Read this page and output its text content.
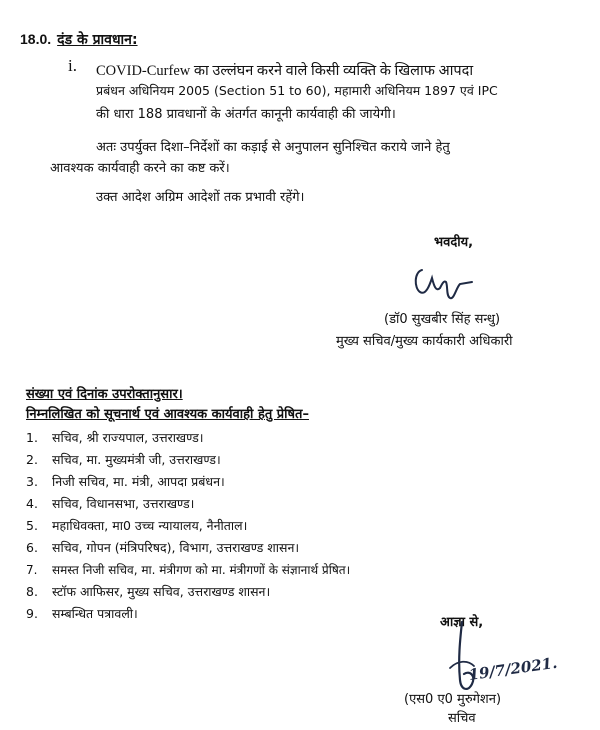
18.0. दंड के प्रावधान:
i. COVID-Curfew का उल्लंघन करने वाले किसी व्यक्ति के खिलाफ आपदा
प्रबंधन अधिनियम 2005 (Section 51 to 60), महामारी अधिनियम 1897 एवं IPC
की धारा 188 प्रावधानों के अंतर्गत कानूनी कार्यवाही की जायेगी।
अतः उपर्युक्त दिशा–निर्देशों का कड़ाई से अनुपालन सुनिश्चित कराये जाने हेतु
आवश्यक कार्यवाही करने का कष्ट करें।
उक्त आदेश अग्रिम आदेशों तक प्रभावी रहेंगे।
भवदीय,
(डॉ0 सुखबीर सिंह सन्धु)
मुख्य सचिव/मुख्य कार्यकारी अधिकारी
संख्या एवं दिनांक उपरोक्तानुसार।
निम्नलिखित को सूचनार्थ एवं आवश्यक कार्यवाही हेतु प्रेषित–
1. सचिव, श्री राज्यपाल, उत्तराखण्ड।
2. सचिव, मा. मुख्यमंत्री जी, उत्तराखण्ड।
3. निजी सचिव, मा. मंत्री, आपदा प्रबंधन।
4. सचिव, विधानसभा, उत्तराखण्ड।
5. महाधिवक्ता, मा0 उच्च न्यायालय, नैनीताल।
6. सचिव, गोपन (मंत्रिपरिषद), विभाग, उत्तराखण्ड शासन।
7. समस्त निजी सचिव, मा. मंत्रीगण को मा. मंत्रीगणों के संज्ञानार्थ प्रेषित।
8. स्टॉफ आफिसर, मुख्य सचिव, उत्तराखण्ड शासन।
9. सम्बन्धित पत्रावली।
आज्ञा से,
19/7/2021.
(एस0 ए0 मुरुगेशन)
सचिव
